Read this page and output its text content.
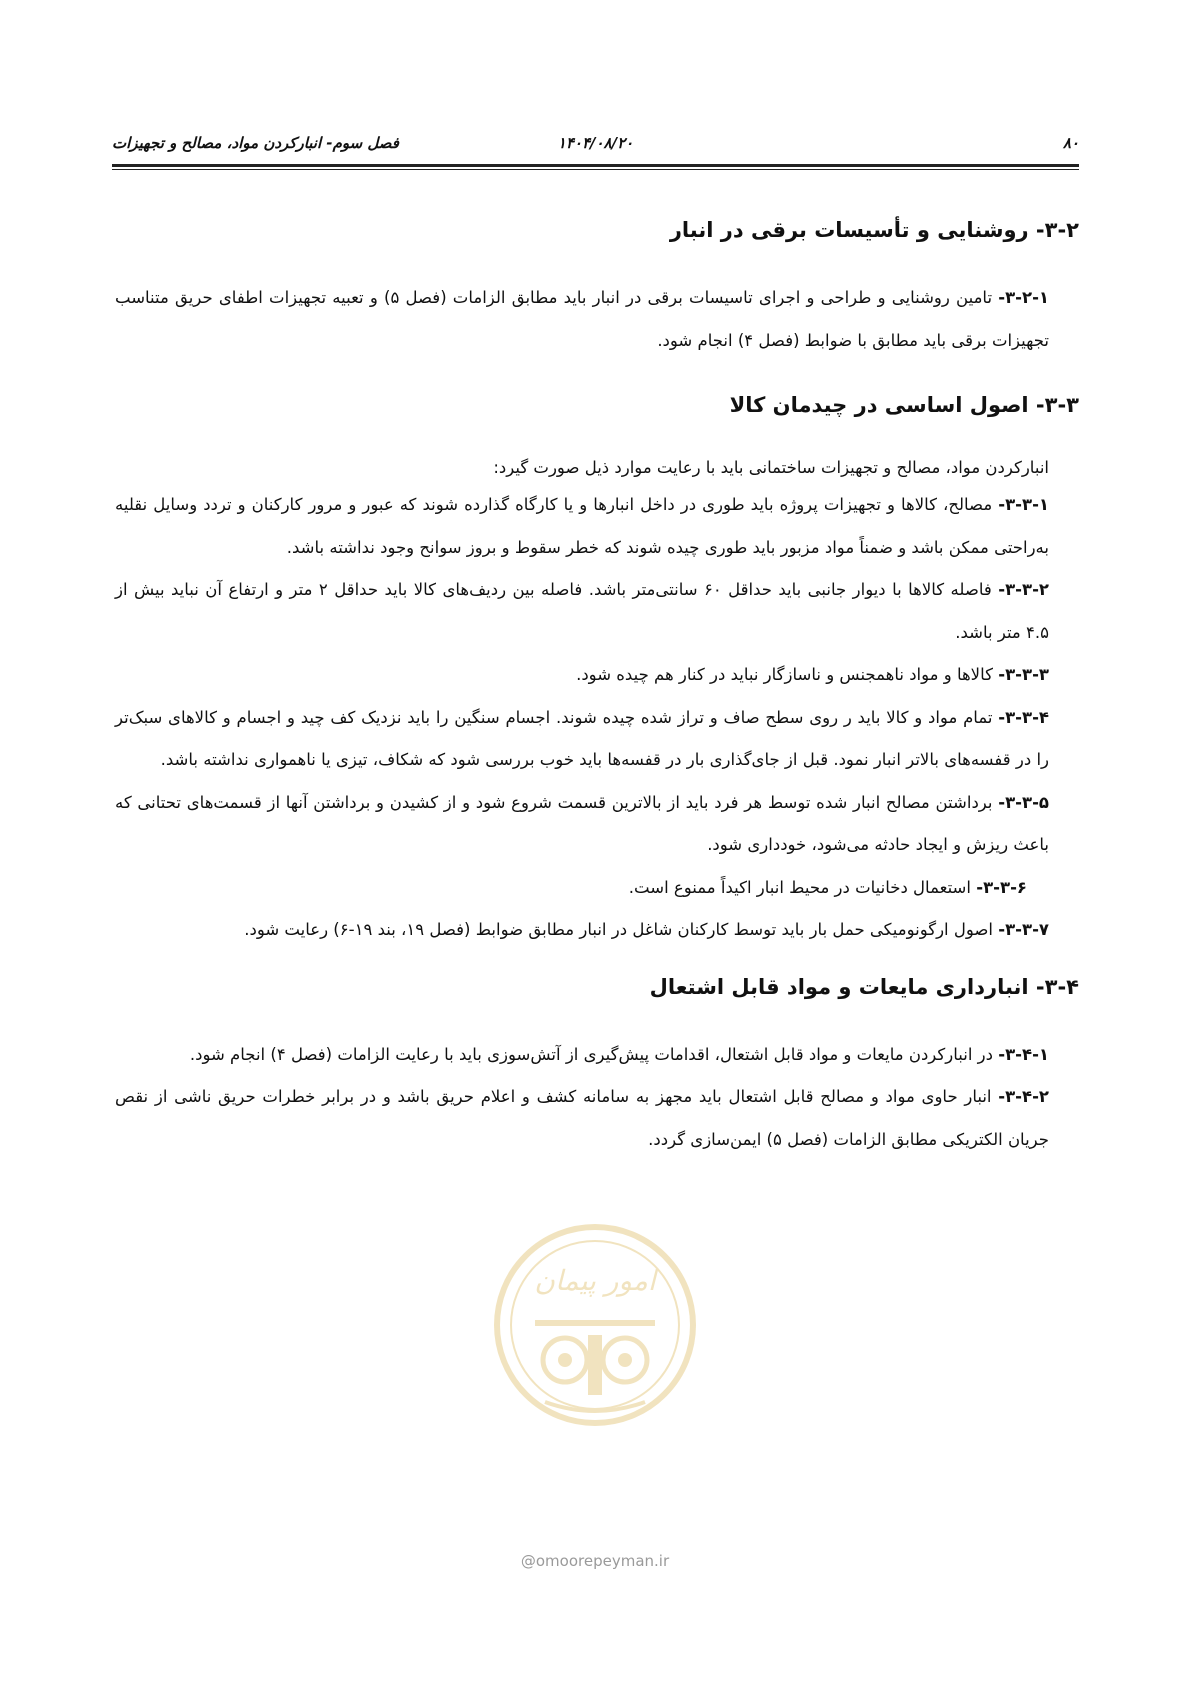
۸۰
۱۴۰۴/۰۸/۲۰
فصل سوم- انبارکردن مواد، مصالح و تجهیزات
۳-۲- روشنایی و تأسیسات برقی در انبار

۳-۲-۱- تامین روشنایی و طراحی و اجرای تاسیسات برقی در انبار باید مطابق الزامات (فصل ۵) و تعبیه تجهیزات اطفای حریق متناسب تجهیزات برقی باید مطابق با ضوابط (فصل ۴) انجام شود.

۳-۳- اصول اساسی در چیدمان کالا

انبارکردن مواد، مصالح و تجهیزات ساختمانی باید با رعایت موارد ذیل صورت گیرد:

۳-۳-۱- مصالح، کالاها و تجهیزات پروژه باید طوری در داخل انبارها و یا کارگاه گذارده شوند که عبور و مرور کارکنان و تردد وسایل نقلیه به‌راحتی ممکن باشد و ضمناً مواد مزبور باید طوری چیده شوند که خطر سقوط و بروز سوانح وجود نداشته باشد.

۳-۳-۲- فاصله کالاها با دیوار جانبی باید حداقل ۶۰ سانتی‌متر باشد. فاصله بین ردیف‌های کالا باید حداقل ۲ متر و ارتفاع آن نباید بیش از ۴.۵ متر باشد.

۳-۳-۳- کالاها و مواد ناهمجنس و ناسازگار نباید در کنار هم چیده شود.

۳-۳-۴- تمام مواد و کالا باید ر روی سطح صاف و تراز شده چیده شوند. اجسام سنگین را باید نزدیک کف چید و اجسام و کالاهای سبک‌تر را در قفسه‌های بالاتر انبار نمود. قبل از جای‌گذاری بار در قفسه‌ها باید خوب بررسی شود که شکاف، تیزی یا ناهمواری نداشته باشد.

۳-۳-۵- برداشتن مصالح انبار شده توسط هر فرد باید از بالاترین قسمت شروع شود و از کشیدن و برداشتن آنها از قسمت‌های تحتانی که باعث ریزش و ایجاد حادثه می‌شود، خودداری شود.

۳-۳-۶- استعمال دخانیات در محیط انبار اکیداً ممنوع است.

۳-۳-۷- اصول ارگونومیکی حمل بار باید توسط کارکنان شاغل در انبار مطابق ضوابط (فصل ۱۹، بند ۱۹-۶) رعایت شود.

۳-۴- انبارداری مایعات و مواد قابل اشتعال

۳-۴-۱- در انبارکردن مایعات و مواد قابل اشتعال، اقدامات پیش‌گیری از آتش‌سوزی باید با رعایت الزامات (فصل ۴) انجام شود.

۳-۴-۲- انبار حاوی مواد و مصالح قابل اشتعال باید مجهز به سامانه کشف و اعلام حریق باشد و در برابر خطرات حریق ناشی از نقص جریان الکتریکی مطابق الزامات (فصل ۵) ایمن‌سازی گردد.

امور پیمان
@omoorepeyman.ir
